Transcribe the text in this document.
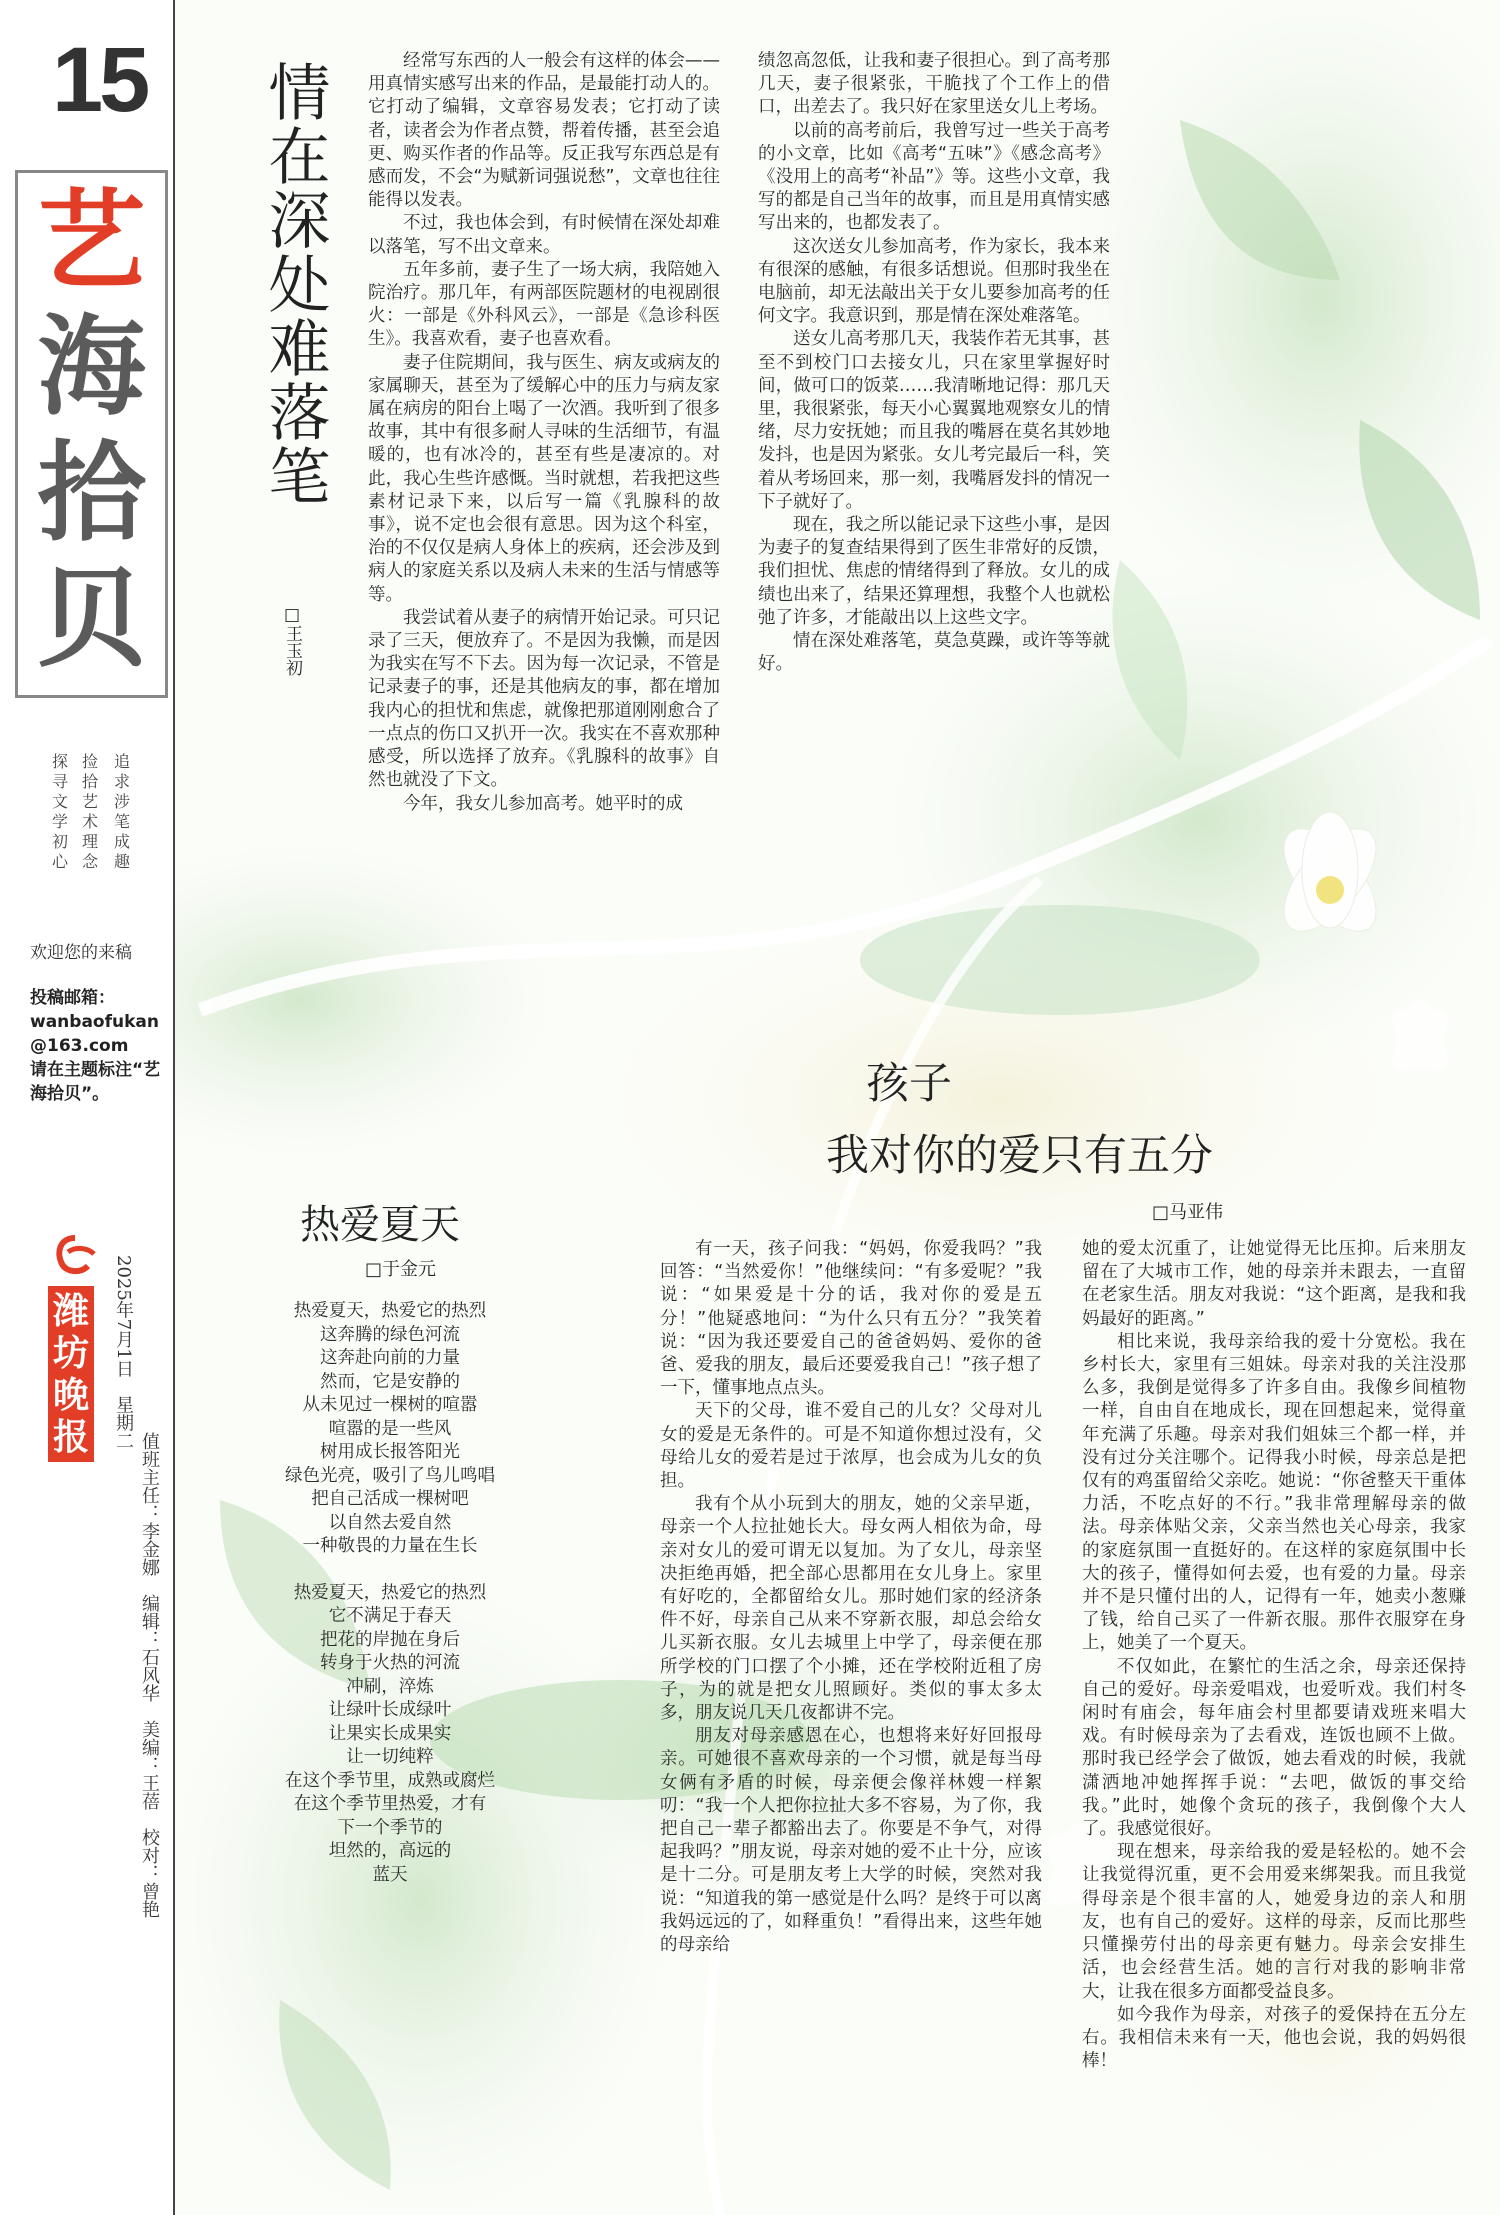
15
艺
海
拾
贝
追求涉笔成趣
捡拾艺术理念
探寻文学初心
欢迎您的来稿
投稿邮箱：
wanbaofukan@163.com
请在主题标注“艺海拾贝”。
潍坊晚报 2025年7月1日　星期二
值班主任：李金娜　编辑：石风华　美编：王蓓　校对：曾艳
情在深处难落笔
□王玉初

经常写东西的人一般会有这样的体会——用真情实感写出来的作品，是最能打动人的。它打动了编辑，文章容易发表；它打动了读者，读者会为作者点赞，帮着传播，甚至会追更、购买作者的作品等。反正我写东西总是有感而发，不会“为赋新词强说愁”，文章也往往能得以发表。

不过，我也体会到，有时候情在深处却难以落笔，写不出文章来。

五年多前，妻子生了一场大病，我陪她入院治疗。那几年，有两部医院题材的电视剧很火：一部是《外科风云》，一部是《急诊科医生》。我喜欢看，妻子也喜欢看。

妻子住院期间，我与医生、病友或病友的家属聊天，甚至为了缓解心中的压力与病友家属在病房的阳台上喝了一次酒。我听到了很多故事，其中有很多耐人寻味的生活细节，有温暖的，也有冰冷的，甚至有些是凄凉的。对此，我心生些许感慨。当时就想，若我把这些素材记录下来，以后写一篇《乳腺科的故事》，说不定也会很有意思。因为这个科室，治的不仅仅是病人身体上的疾病，还会涉及到病人的家庭关系以及病人未来的生活与情感等等。

我尝试着从妻子的病情开始记录。可只记录了三天，便放弃了。不是因为我懒，而是因为我实在写不下去。因为每一次记录，不管是记录妻子的事，还是其他病友的事，都在增加我内心的担忧和焦虑，就像把那道刚刚愈合了一点点的伤口又扒开一次。我实在不喜欢那种感受，所以选择了放弃。《乳腺科的故事》自然也就没了下文。

今年，我女儿参加高考。她平时的成

绩忽高忽低，让我和妻子很担心。到了高考那几天，妻子很紧张，干脆找了个工作上的借口，出差去了。我只好在家里送女儿上考场。

以前的高考前后，我曾写过一些关于高考的小文章，比如《高考“五味”》《感念高考》《没用上的高考“补品”》等。这些小文章，我写的都是自己当年的故事，而且是用真情实感写出来的，也都发表了。

这次送女儿参加高考，作为家长，我本来有很深的感触，有很多话想说。但那时我坐在电脑前，却无法敲出关于女儿要参加高考的任何文字。我意识到，那是情在深处难落笔。

送女儿高考那几天，我装作若无其事，甚至不到校门口去接女儿，只在家里掌握好时间，做可口的饭菜……我清晰地记得：那几天里，我很紧张，每天小心翼翼地观察女儿的情绪，尽力安抚她；而且我的嘴唇在莫名其妙地发抖，也是因为紧张。女儿考完最后一科，笑着从考场回来，那一刻，我嘴唇发抖的情况一下子就好了。

现在，我之所以能记录下这些小事，是因为妻子的复查结果得到了医生非常好的反馈，我们担忧、焦虑的情绪得到了释放。女儿的成绩也出来了，结果还算理想，我整个人也就松弛了许多，才能敲出以上这些文字。

情在深处难落笔，莫急莫躁，或许等等就好。

热爱夏天
□于金元
热爱夏天，热爱它的热烈
这奔腾的绿色河流
这奔赴向前的力量
然而，它是安静的
从未见过一棵树的喧嚣
喧嚣的是一些风
树用成长报答阳光
绿色光亮，吸引了鸟儿鸣唱
把自己活成一棵树吧
以自然去爱自然
一种敬畏的力量在生长
热爱夏天，热爱它的热烈
它不满足于春天
把花的岸抛在身后
转身于火热的河流
冲刷，淬炼
让绿叶长成绿叶
让果实长成果实
让一切纯粹
在这个季节里，成熟或腐烂
在这个季节里热爱，才有
下一个季节的
坦然的，高远的
蓝天
孩子
我对你的爱只有五分
□马亚伟

有一天，孩子问我：“妈妈，你爱我吗？”我回答：“当然爱你！”他继续问：“有多爱呢？”我说：“如果爱是十分的话，我对你的爱是五分！”他疑惑地问：“为什么只有五分？”我笑着说：“因为我还要爱自己的爸爸妈妈、爱你的爸爸、爱我的朋友，最后还要爱我自己！”孩子想了一下，懂事地点点头。

天下的父母，谁不爱自己的儿女？父母对儿女的爱是无条件的。可是不知道你想过没有，父母给儿女的爱若是过于浓厚，也会成为儿女的负担。

我有个从小玩到大的朋友，她的父亲早逝，母亲一个人拉扯她长大。母女两人相依为命，母亲对女儿的爱可谓无以复加。为了女儿，母亲坚决拒绝再婚，把全部心思都用在女儿身上。家里有好吃的，全都留给女儿。那时她们家的经济条件不好，母亲自己从来不穿新衣服，却总会给女儿买新衣服。女儿去城里上中学了，母亲便在那所学校的门口摆了个小摊，还在学校附近租了房子，为的就是把女儿照顾好。类似的事太多太多，朋友说几天几夜都讲不完。

朋友对母亲感恩在心，也想将来好好回报母亲。可她很不喜欢母亲的一个习惯，就是每当母女俩有矛盾的时候，母亲便会像祥林嫂一样絮叨：“我一个人把你拉扯大多不容易，为了你，我把自己一辈子都豁出去了。你要是不争气，对得起我吗？”朋友说，母亲对她的爱不止十分，应该是十二分。可是朋友考上大学的时候，突然对我说：“知道我的第一感觉是什么吗？是终于可以离我妈远远的了，如释重负！”看得出来，这些年她的母亲给

她的爱太沉重了，让她觉得无比压抑。后来朋友留在了大城市工作，她的母亲并未跟去，一直留在老家生活。朋友对我说：“这个距离，是我和我妈最好的距离。”

相比来说，我母亲给我的爱十分宽松。我在乡村长大，家里有三姐妹。母亲对我的关注没那么多，我倒是觉得多了许多自由。我像乡间植物一样，自由自在地成长，现在回想起来，觉得童年充满了乐趣。母亲对我们姐妹三个都一样，并没有过分关注哪个。记得我小时候，母亲总是把仅有的鸡蛋留给父亲吃。她说：“你爸整天干重体力活，不吃点好的不行。”我非常理解母亲的做法。母亲体贴父亲，父亲当然也关心母亲，我家的家庭氛围一直挺好的。在这样的家庭氛围中长大的孩子，懂得如何去爱，也有爱的力量。母亲并不是只懂付出的人，记得有一年，她卖小葱赚了钱，给自己买了一件新衣服。那件衣服穿在身上，她美了一个夏天。

不仅如此，在繁忙的生活之余，母亲还保持自己的爱好。母亲爱唱戏，也爱听戏。我们村冬闲时有庙会，每年庙会村里都要请戏班来唱大戏。有时候母亲为了去看戏，连饭也顾不上做。那时我已经学会了做饭，她去看戏的时候，我就潇洒地冲她挥挥手说：“去吧，做饭的事交给我。”此时，她像个贪玩的孩子，我倒像个大人了。我感觉很好。

现在想来，母亲给我的爱是轻松的。她不会让我觉得沉重，更不会用爱来绑架我。而且我觉得母亲是个很丰富的人，她爱身边的亲人和朋友，也有自己的爱好。这样的母亲，反而比那些只懂操劳付出的母亲更有魅力。母亲会安排生活，也会经营生活。她的言行对我的影响非常大，让我在很多方面都受益良多。

如今我作为母亲，对孩子的爱保持在五分左右。我相信未来有一天，他也会说，我的妈妈很棒！
